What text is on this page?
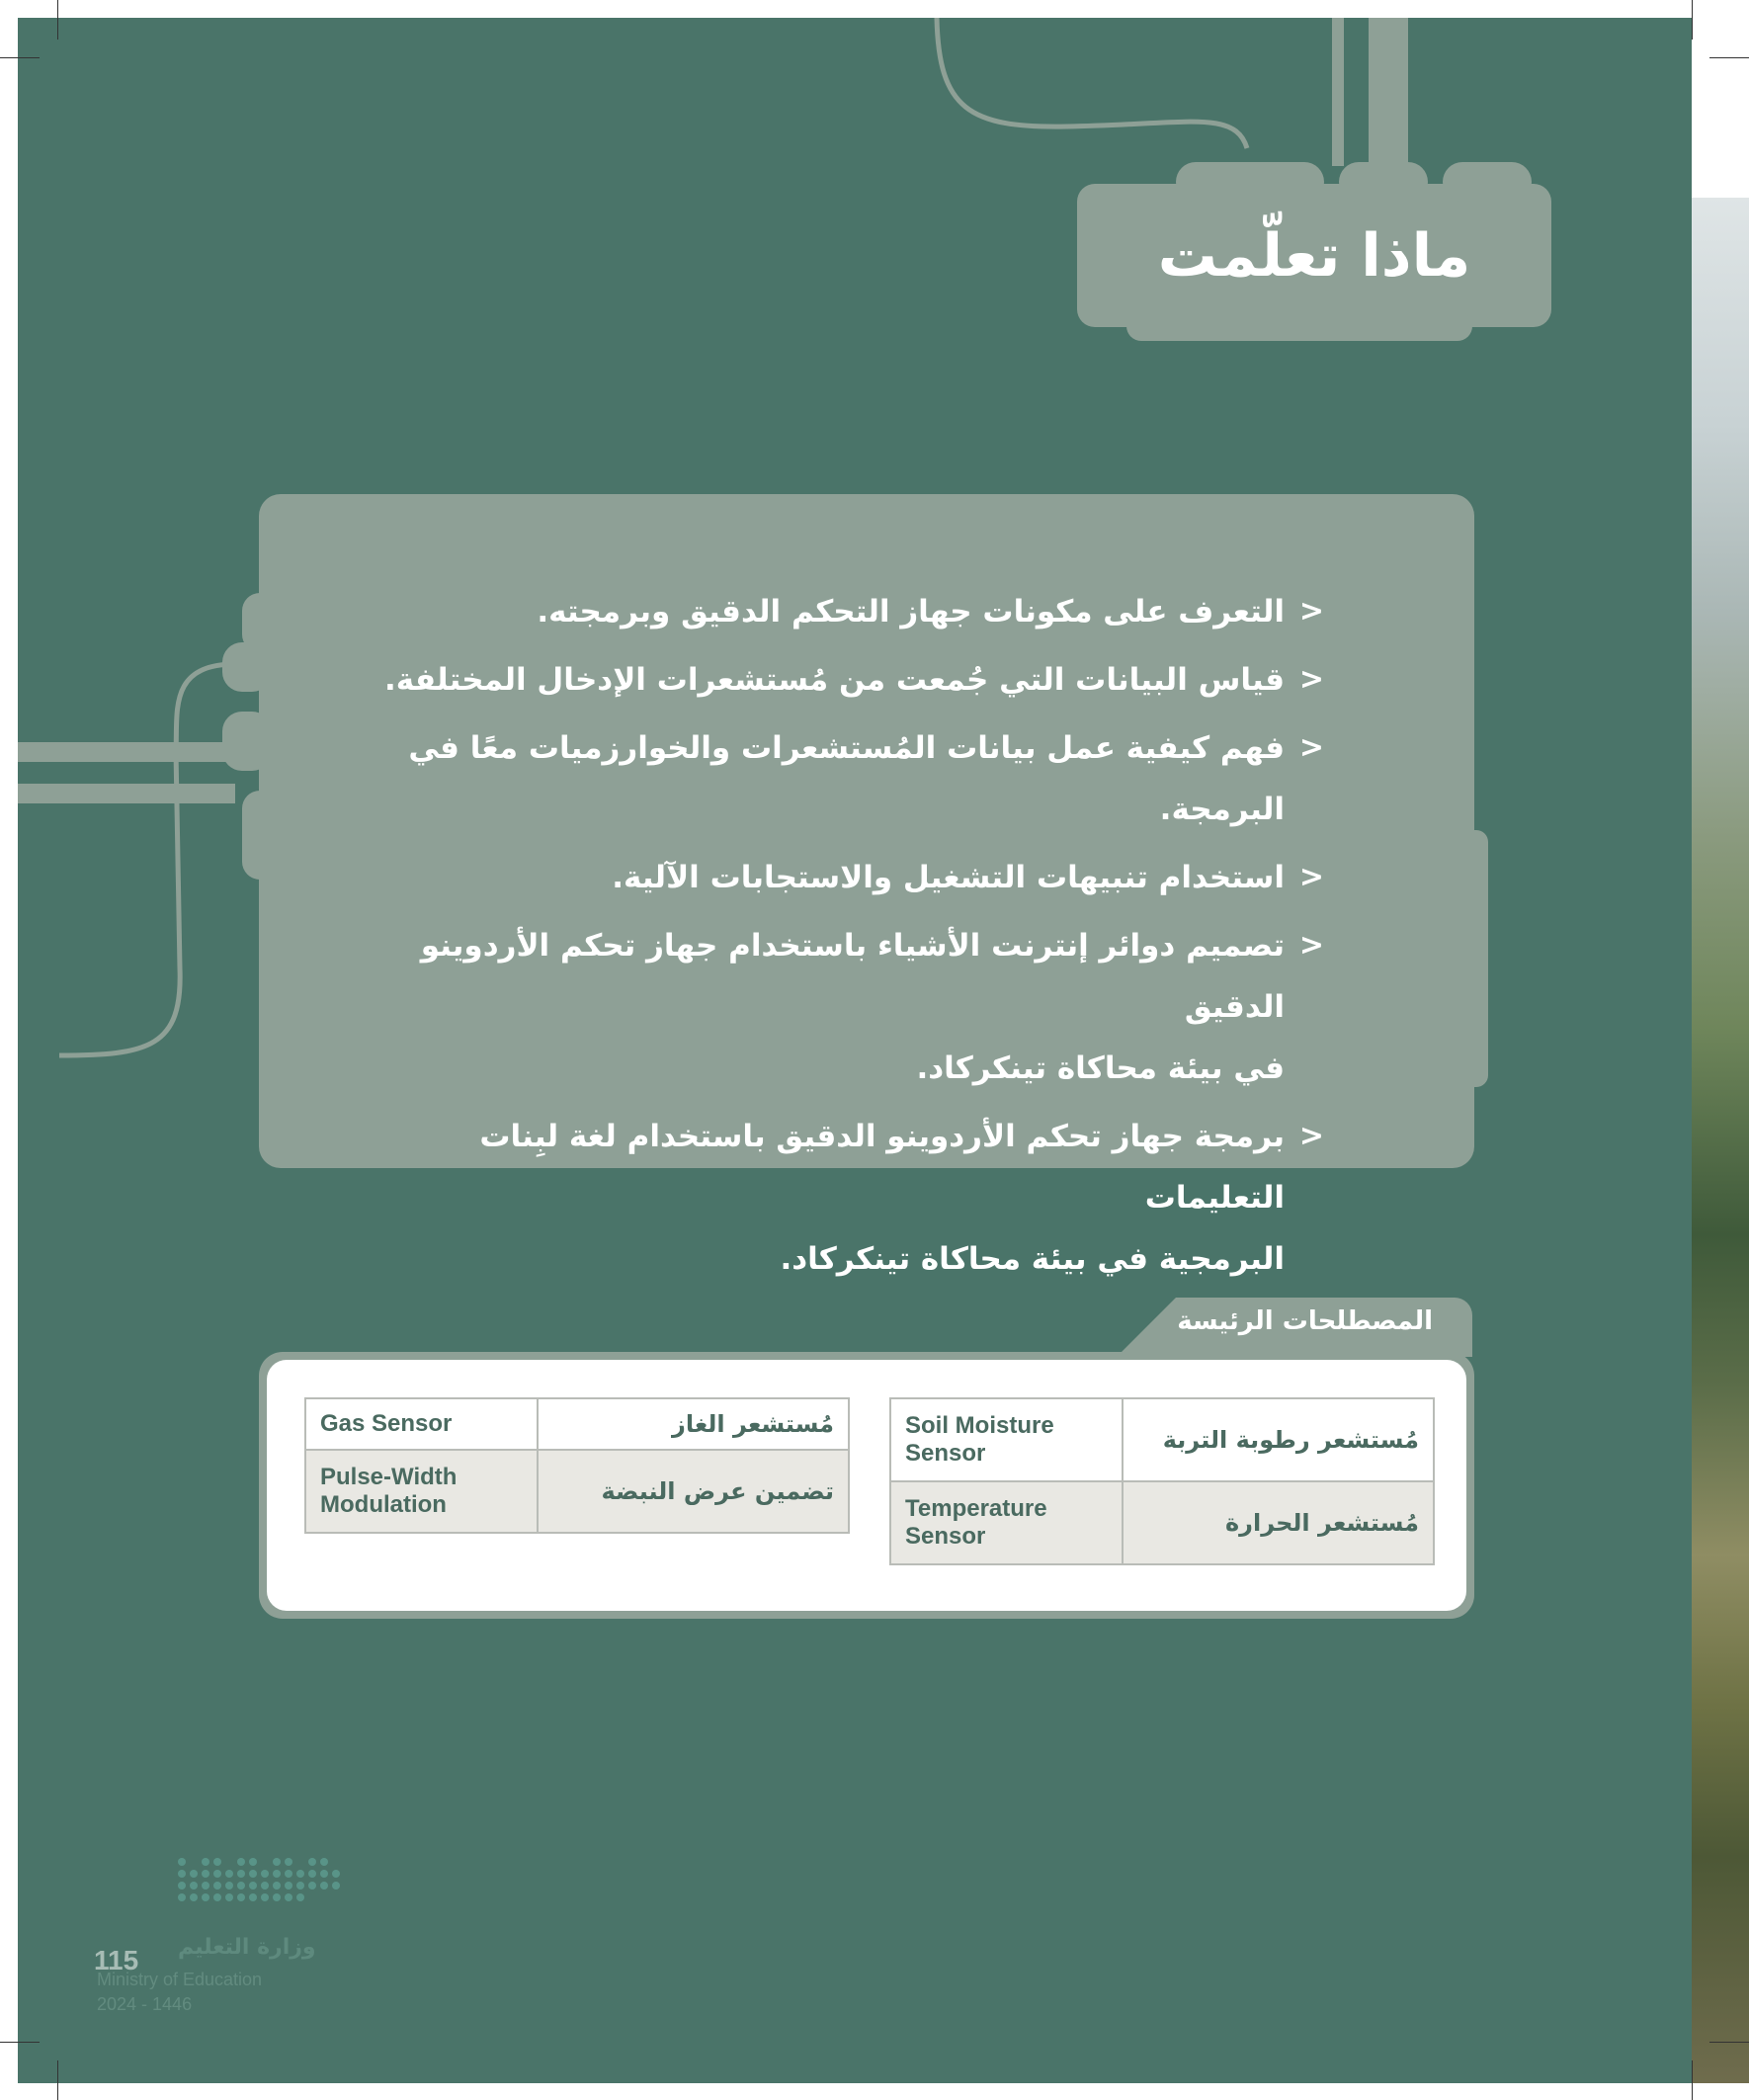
ماذا تعلّمت
<
التعرف على مكونات جهاز التحكم الدقيق وبرمجته.
<
قياس البيانات التي جُمعت من مُستشعرات الإدخال المختلفة.
<
فهم كيفية عمل بيانات المُستشعرات والخوارزميات معًا في البرمجة.
<
استخدام تنبيهات التشغيل والاستجابات الآلية.
<
تصميم دوائر إنترنت الأشياء باستخدام جهاز تحكم الأردوينو الدقيق
في بيئة محاكاة تينكركاد.
<
برمجة جهاز تحكم الأردوينو الدقيق باستخدام لغة لبِنات التعليمات
البرمجية في بيئة محاكاة تينكركاد.
المصطلحات الرئيسة
Soil Moisture Sensor	مُستشعر رطوبة التربة
Temperature Sensor	مُستشعر الحرارة
Gas Sensor	مُستشعر الغاز
Pulse-Width Modulation	تضمين عرض النبضة
وزارة التعليم
Ministry of Education
2024 - 1446
115
